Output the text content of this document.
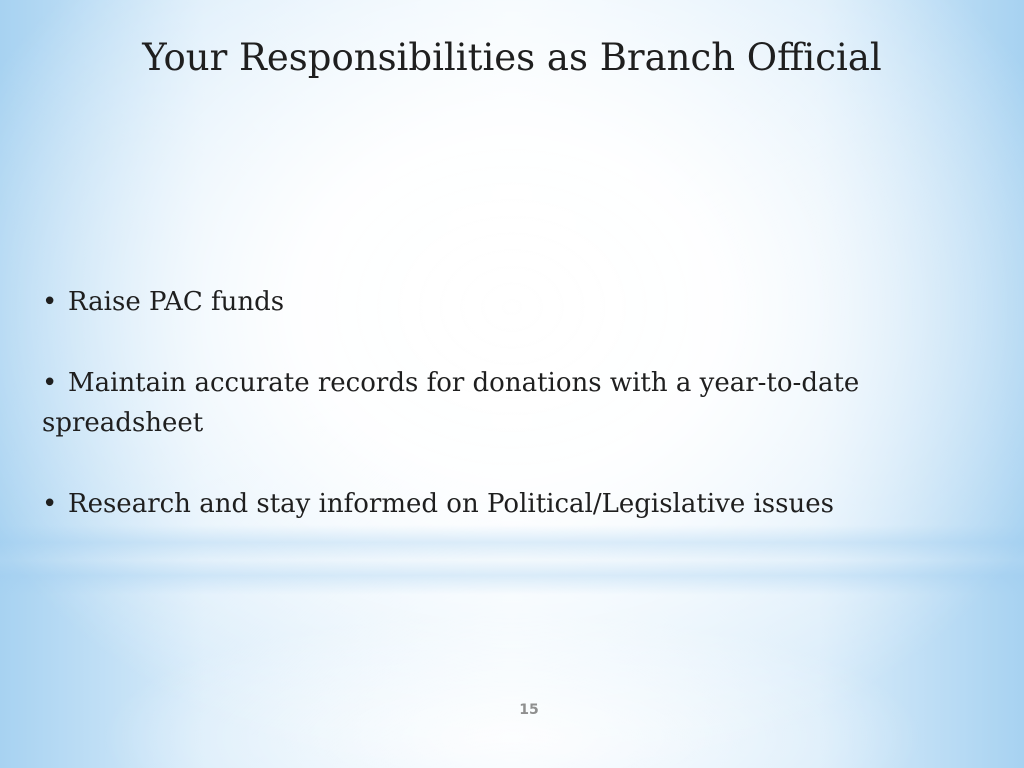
Your Responsibilities as Branch Official
• Raise PAC funds
• Maintain accurate records for donations with a year-to-date spreadsheet
• Research and stay informed on Political/Legislative issues
15
